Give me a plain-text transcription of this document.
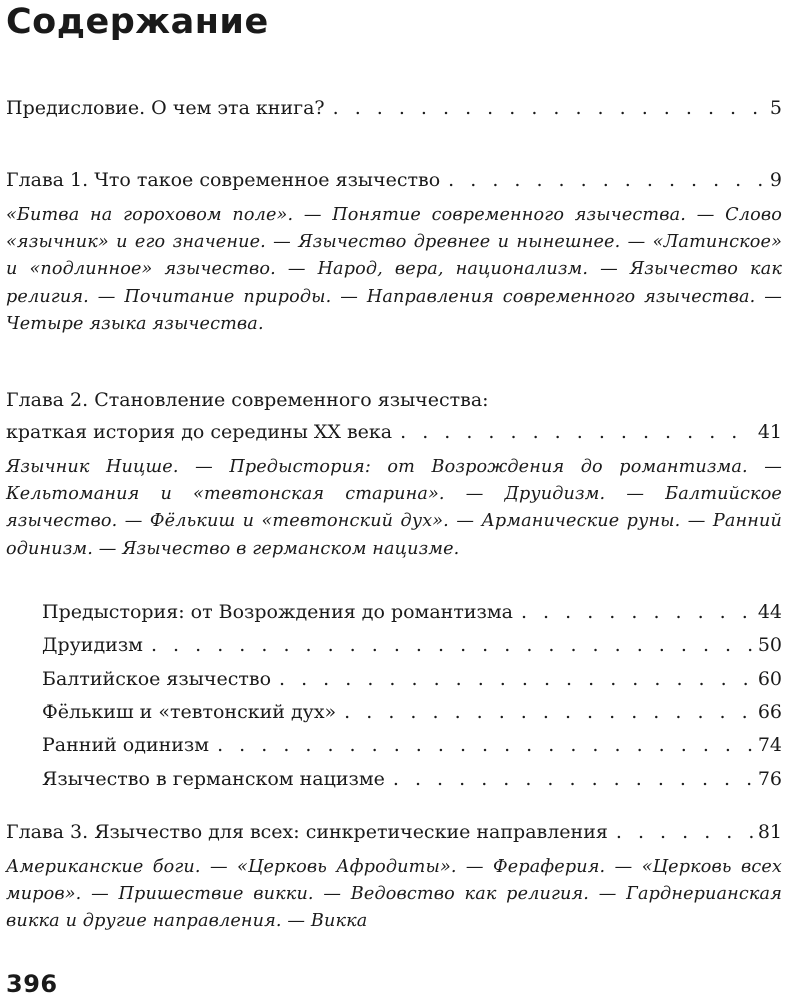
Содержание
Предисловие. О чем эта книга? . . .	5
Глава 1. Что такое современное язычество . . .	9

«Битва на гороховом поле». — Понятие современного язычества. — Слово «язычник» и его значение. — Язычество древнее и нынешнее. — «Латинское» и «подлинное» язычество. — Народ, вера, национализм. — Язычество как религия. — Почитание природы. — Направления современного язычества. — Четыре языка язычества.

Глава 2. Становление современного язычества:
краткая история до середины XX века . . .	41

Язычник Ницше. — Предыстория: от Возрождения до романтизма. — Кельтомания и «тевтонская старина». — Друидизм. — Балтийское язычество. — Фёлькиш и «тевтонский дух». — Арманические руны. — Ранний одинизм. — Язычество в германском нацизме.

Предыстория: от Возрождения до романтизма . . .	44
Друидизм . . .	50
Балтийское язычество . . .	60
Фёлькиш и «тевтонский дух» . . .	66
Ранний одинизм . . .	74
Язычество в германском нацизме . . .	76
Глава 3. Язычество для всех: синкретические направления . . .	81

Американские боги. — «Церковь Афродиты». — Фераферия. — «Церковь всех миров». — Пришествие викки. — Ведовство как религия. — Гарднерианская викка и другие направления. — Викка

396
